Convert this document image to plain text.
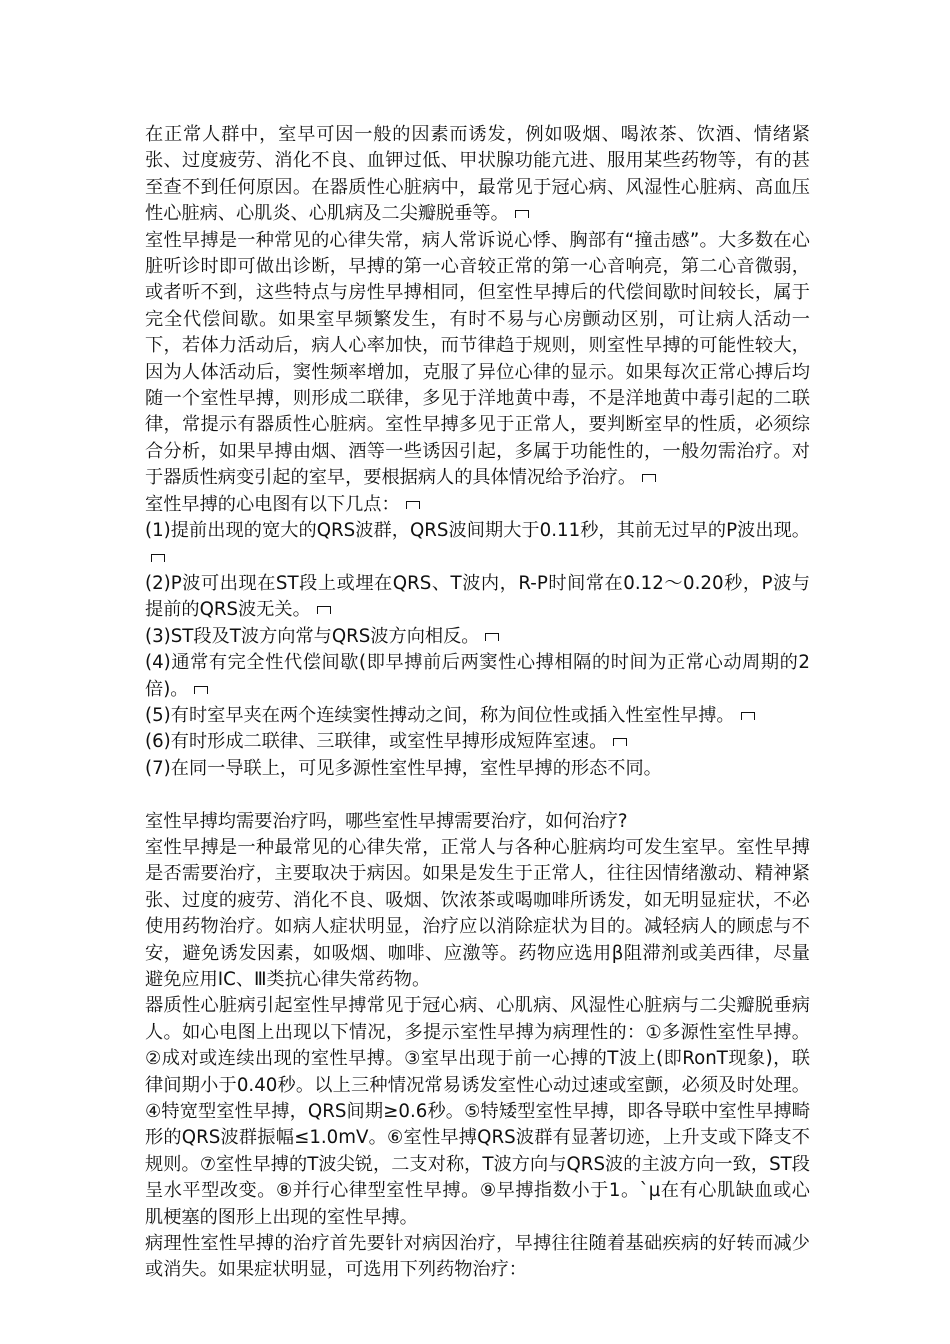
在正常人群中，室早可因一般的因素而诱发，例如吸烟、喝浓茶、饮酒、情绪紧张、过度疲劳、消化不良、血钾过低、甲状腺功能亢进、服用某些药物等，有的甚至查不到任何原因。在器质性心脏病中，最常见于冠心病、风湿性心脏病、高血压性心脏病、心肌炎、心肌病及二尖瓣脱垂等。

室性早搏是一种常见的心律失常，病人常诉说心悸、胸部有“撞击感”。大多数在心脏听诊时即可做出诊断，早搏的第一心音较正常的第一心音响亮，第二心音微弱，或者听不到，这些特点与房性早搏相同，但室性早搏后的代偿间歇时间较长，属于完全代偿间歇。如果室早频繁发生，有时不易与心房颤动区别，可让病人活动一下，若体力活动后，病人心率加快，而节律趋于规则，则室性早搏的可能性较大，因为人体活动后，窦性频率增加，克服了异位心律的显示。如果每次正常心搏后均随一个室性早搏，则形成二联律，多见于洋地黄中毒，不是洋地黄中毒引起的二联律，常提示有器质性心脏病。室性早搏多见于正常人，要判断室早的性质，必须综合分析，如果早搏由烟、酒等一些诱因引起，多属于功能性的，一般勿需治疗。对于器质性病变引起的室早，要根据病人的具体情况给予治疗。

室性早搏的心电图有以下几点：

(1)提前出现的宽大的QRS波群，QRS波间期大于0.11秒，其前无过早的P波出现。

(2)P波可出现在ST段上或埋在QRS、T波内，R-P时间常在0.12～0.20秒，P波与提前的QRS波无关。

(3)ST段及T波方向常与QRS波方向相反。

(4)通常有完全性代偿间歇(即早搏前后两窦性心搏相隔的时间为正常心动周期的2倍)。

(5)有时室早夹在两个连续窦性搏动之间，称为间位性或插入性室性早搏。

(6)有时形成二联律、三联律，或室性早搏形成短阵室速。

(7)在同一导联上，可见多源性室性早搏，室性早搏的形态不同。

室性早搏均需要治疗吗，哪些室性早搏需要治疗，如何治疗?

室性早搏是一种最常见的心律失常，正常人与各种心脏病均可发生室早。室性早搏是否需要治疗，主要取决于病因。如果是发生于正常人，往往因情绪激动、精神紧张、过度的疲劳、消化不良、吸烟、饮浓茶或喝咖啡所诱发，如无明显症状，不必使用药物治疗。如病人症状明显，治疗应以消除症状为目的。减轻病人的顾虑与不安，避免诱发因素，如吸烟、咖啡、应激等。药物应选用β阻滞剂或美西律，尽量避免应用ⅠC、Ⅲ类抗心律失常药物。

器质性心脏病引起室性早搏常见于冠心病、心肌病、风湿性心脏病与二尖瓣脱垂病人。如心电图上出现以下情况，多提示室性早搏为病理性的：①多源性室性早搏。②成对或连续出现的室性早搏。③室早出现于前一心搏的T波上(即RonT现象)，联律间期小于0.40秒。以上三种情况常易诱发室性心动过速或室颤，必须及时处理。④特宽型室性早搏，QRS间期≥0.6秒。⑤特矮型室性早搏，即各导联中室性早搏畸形的QRS波群振幅≤1.0mV。⑥室性早搏QRS波群有显著切迹，上升支或下降支不规则。⑦室性早搏的T波尖锐，二支对称，T波方向与QRS波的主波方向一致，ST段呈水平型改变。⑧并行心律型室性早搏。⑨早搏指数小于1。`µ在有心肌缺血或心肌梗塞的图形上出现的室性早搏。

病理性室性早搏的治疗首先要针对病因治疗，早搏往往随着基础疾病的好转而减少或消失。如果症状明显，可选用下列药物治疗：
